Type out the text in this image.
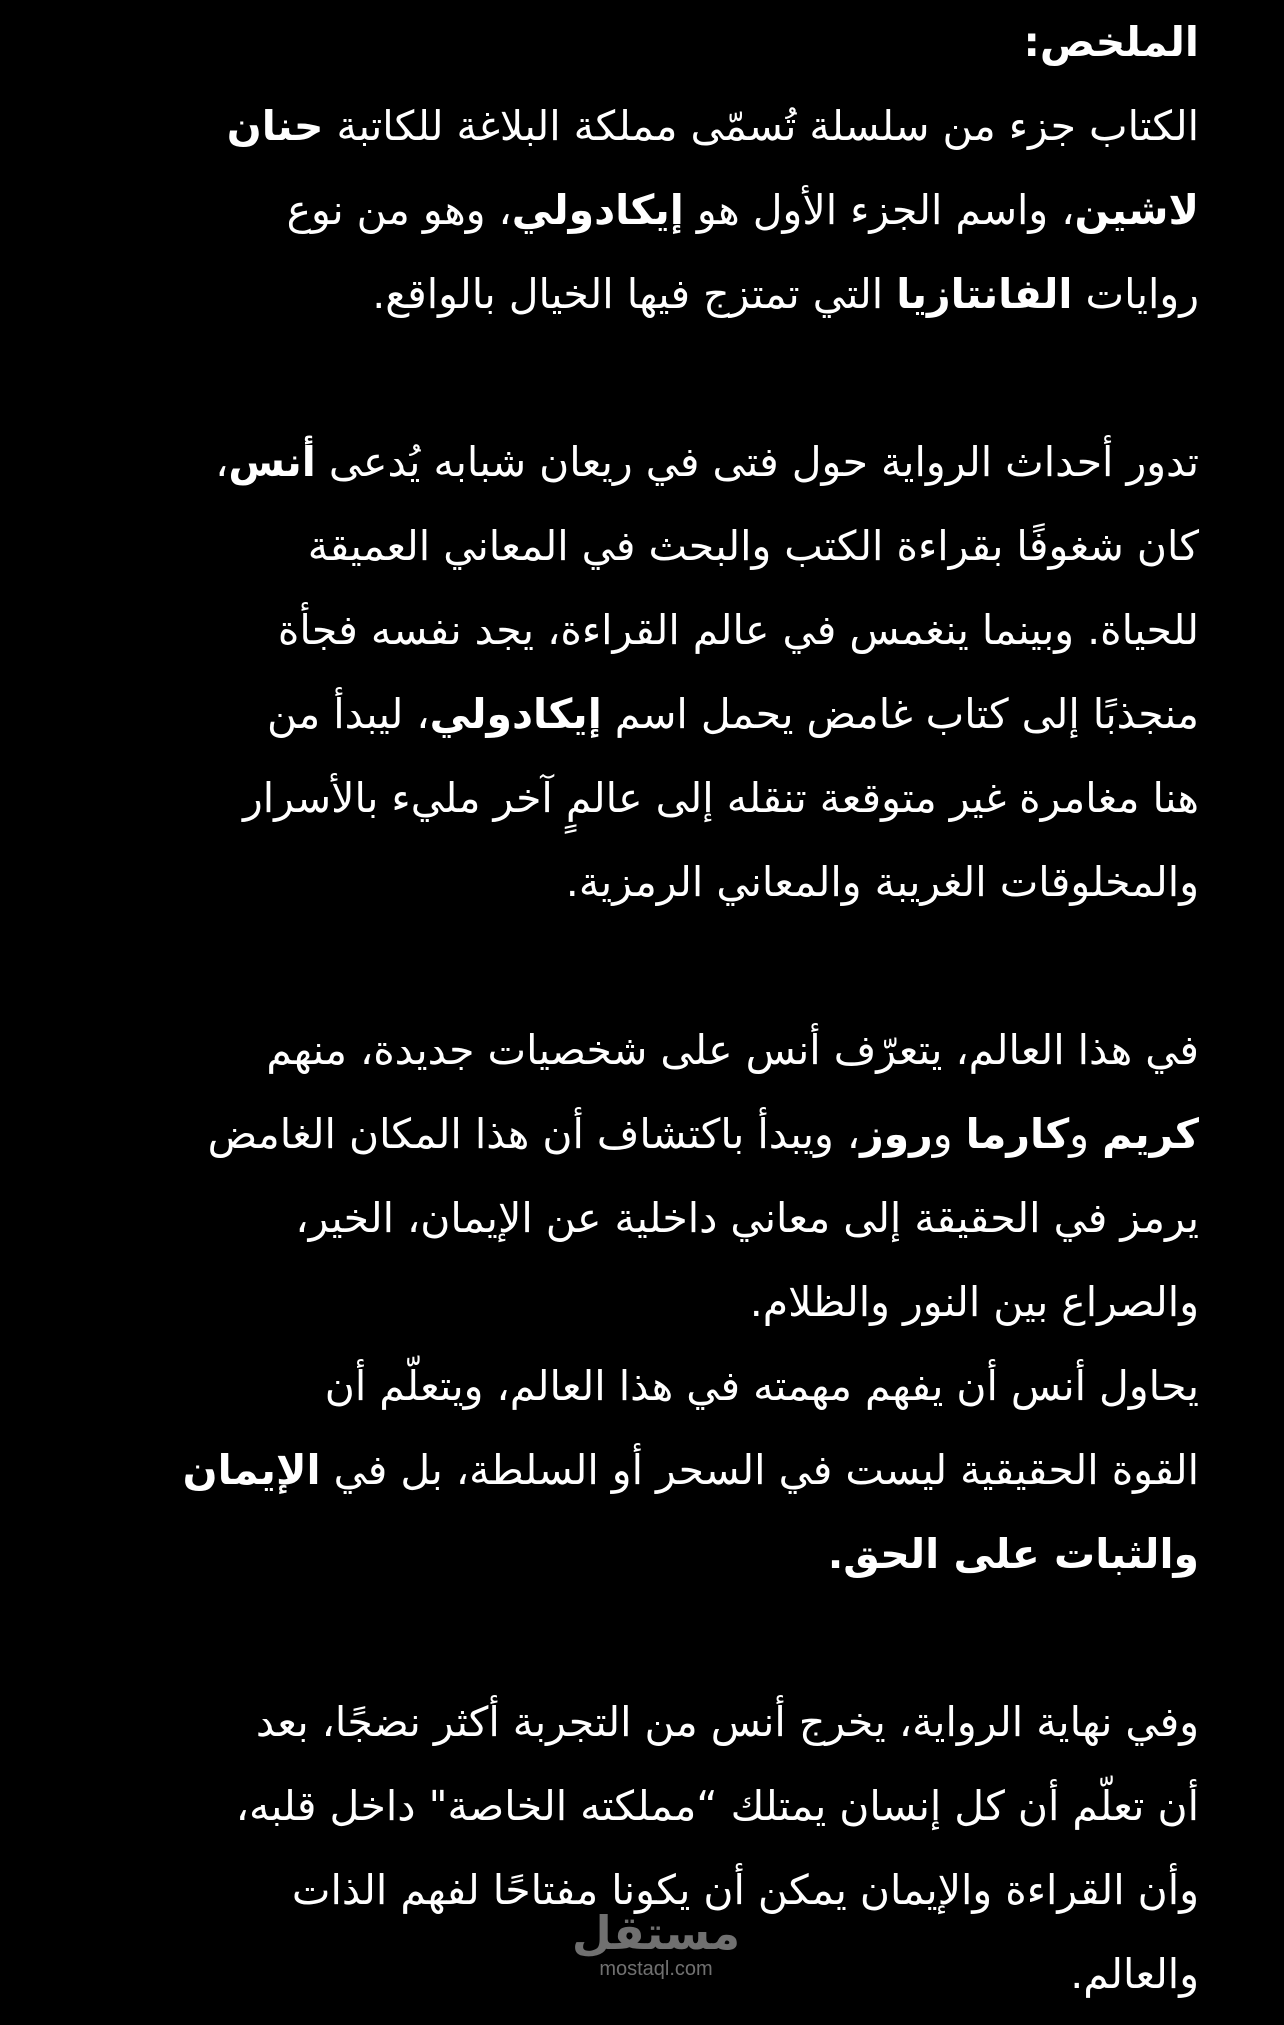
الملخص:

الكتاب جزء من سلسلة تُسمّى مملكة البلاغة للكاتبة حنان
لاشين، واسم الجزء الأول هو إيكادولي، وهو من نوع
روايات الفانتازيا التي تمتزج فيها الخيال بالواقع.

تدور أحداث الرواية حول فتى في ريعان شبابه يُدعى أنس،
كان شغوفًا بقراءة الكتب والبحث في المعاني العميقة
للحياة. وبينما ينغمس في عالم القراءة، يجد نفسه فجأة
منجذبًا إلى كتاب غامض يحمل اسم إيكادولي، ليبدأ من
هنا مغامرة غير متوقعة تنقله إلى عالمٍ آخر مليء بالأسرار
والمخلوقات الغريبة والمعاني الرمزية.

في هذا العالم، يتعرّف أنس على شخصيات جديدة، منهم
كريم وكارما وروز، ويبدأ باكتشاف أن هذا المكان الغامض
يرمز في الحقيقة إلى معاني داخلية عن الإيمان، الخير،
والصراع بين النور والظلام.
يحاول أنس أن يفهم مهمته في هذا العالم، ويتعلّم أن
القوة الحقيقية ليست في السحر أو السلطة، بل في الإيمان
والثبات على الحق.

وفي نهاية الرواية، يخرج أنس من التجربة أكثر نضجًا، بعد
أن تعلّم أن كل إنسان يمتلك “مملكته الخاصة" داخل قلبه،
وأن القراءة والإيمان يمكن أن يكونا مفتاحًا لفهم الذات
والعالم.

مستقل
mostaql.com
